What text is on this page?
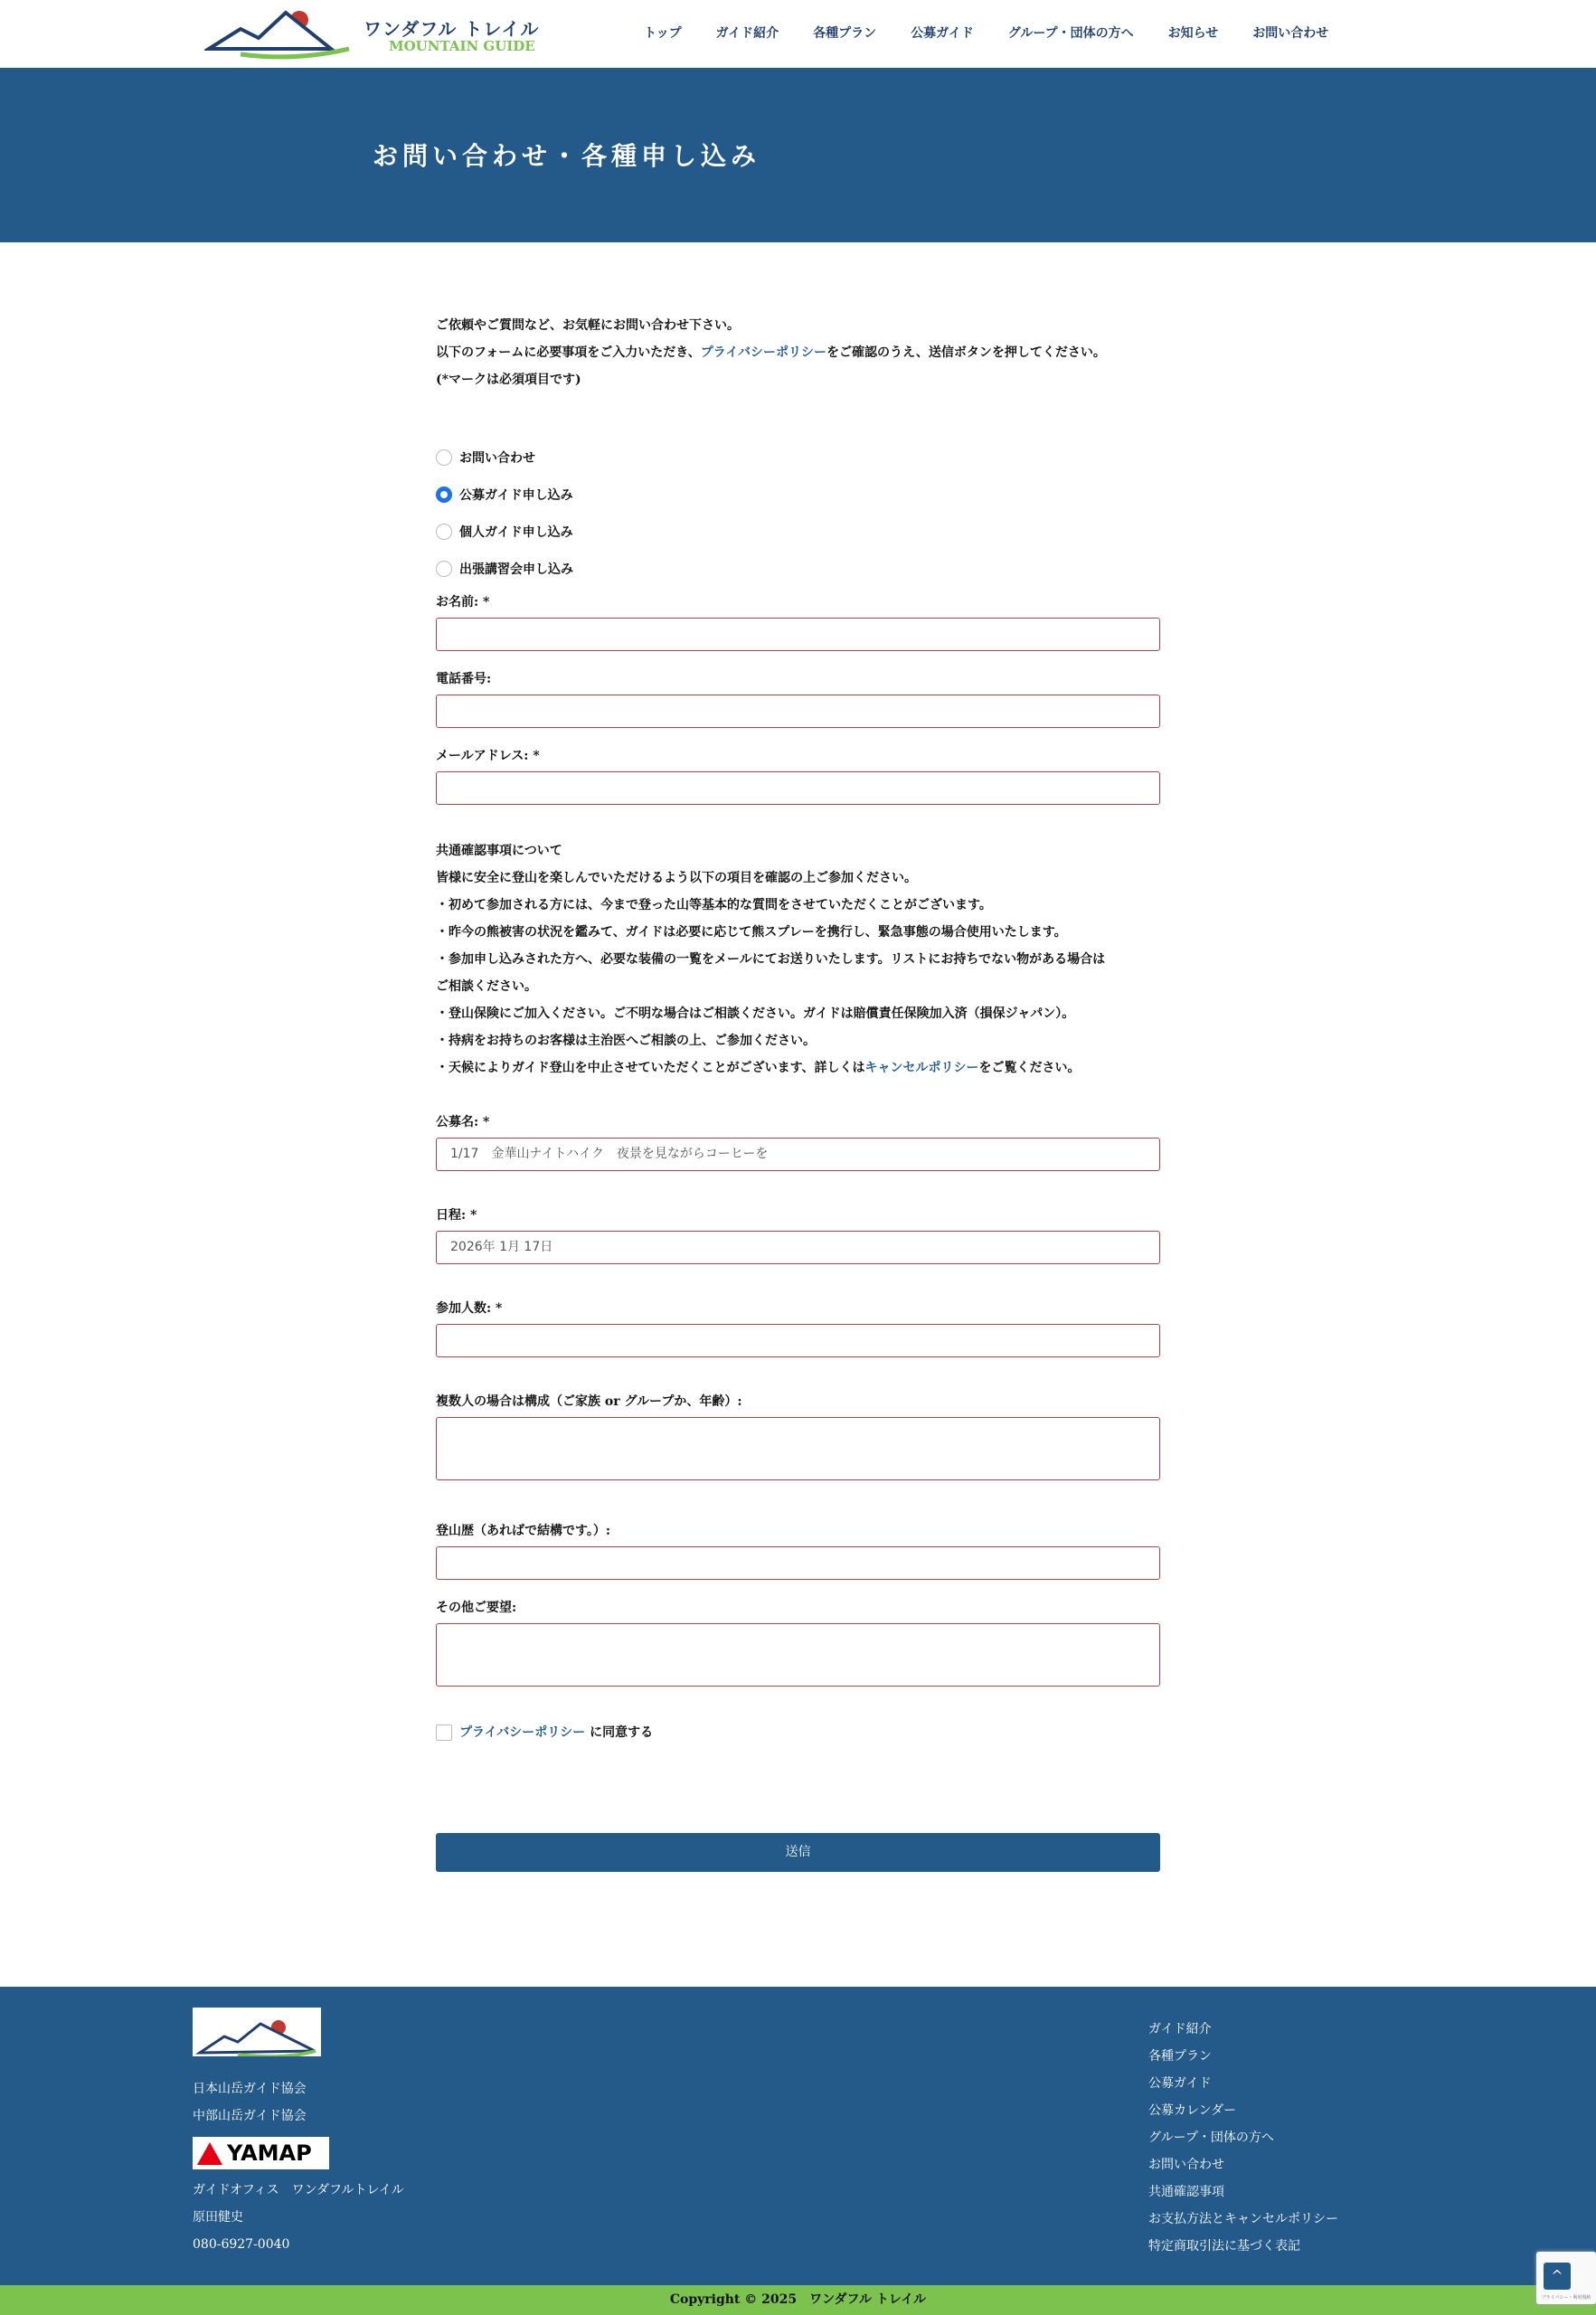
ワンダフル トレイル
MOUNTAIN GUIDE
トップ	ガイド紹介	各種プラン	公募ガイド	グループ・団体の方へ	お知らせ	お問い合わせ
お問い合わせ・各種申し込み
ご依頼やご質問など、お気軽にお問い合わせ下さい。
以下のフォームに必要事項をご入力いただき、プライバシーポリシーをご確認のうえ、送信ボタンを押してください。
(*マークは必須項目です)
お問い合わせ
公募ガイド申し込み
個人ガイド申し込み
出張講習会申し込み
お名前: *
電話番号:
メールアドレス: *
共通確認事項について
皆様に安全に登山を楽しんでいただけるよう以下の項目を確認の上ご参加ください。
・初めて参加される方には、今まで登った山等基本的な質問をさせていただくことがございます。
・昨今の熊被害の状況を鑑みて、ガイドは必要に応じて熊スプレーを携行し、緊急事態の場合使用いたします。
・参加申し込みされた方へ、必要な装備の一覧をメールにてお送りいたします。リストにお持ちでない物がある場合は
ご相談ください。
・登山保険にご加入ください。ご不明な場合はご相談ください。ガイドは賠償責任保険加入済（損保ジャパン）。
・持病をお持ちのお客様は主治医へご相談の上、ご参加ください。
・天候によりガイド登山を中止させていただくことがございます、詳しくはキャンセルポリシーをご覧ください。
公募名: *
1/17　金華山ナイトハイク　夜景を見ながらコーヒーを
日程: *
2026年 1月 17日
参加人数: *
複数人の場合は構成（ご家族 or グループか、年齢）:
登山歴（あればで結構です。）:
その他ご要望:
プライバシーポリシー に同意する
送信
日本山岳ガイド協会
中部山岳ガイド協会
YAMAP
ガイドオフィス　ワンダフルトレイル
原田健史
080-6927-0040
ガイド紹介
各種プラン
公募ガイド
公募カレンダー
グループ・団体の方へ
お問い合わせ
共通確認事項
お支払方法とキャンセルポリシー
特定商取引法に基づく表記
Copyright © 2025　ワンダフル トレイル
^
プライバシー・利用規約
